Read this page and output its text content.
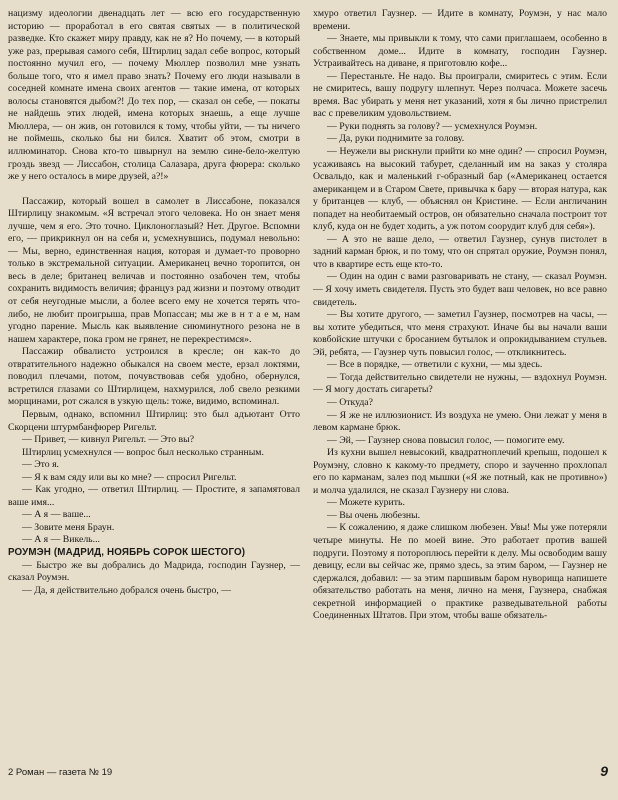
нацизму идеологии двенадцать лет — всю его государственную историю — проработал в его святая святых — в политической разведке. Кто скажет миру правду, как не я? Но почему, — в который уже раз, прерывая самого себя, Штирлиц задал себе вопрос, который постоянно мучил его, — почему Мюллер позволил мне узнать больше того, что я имел право знать? Почему его люди называли в соседней комнате имена своих агентов — такие имена, от которых волосы становятся дыбом?! До тех пор, — сказал он себе, — покаты не найдешь этих людей, имена которых знаешь, а еще лучше Мюллера, — он жив, он готовился к тому, чтобы уйти, — ты ничего не поймешь, сколько бы ни бился. Хватит об этом, смотри в иллюминатор. Снова кто-то швырнул на землю сине-бело-желтую гроздь звезд — Лиссабон, столица Салазара, друга фюрера: сколько же у него осталось в мире друзей, а?!»

Пассажир, который вошел в самолет в Лиссабоне, показался Штирлицу знакомым. «Я встречал этого человека. Но он знает меня лучше, чем я его. Это точно. Циклоноглазый? Нет. Другое. Вспомни его, — прикрикнул он на себя и, усмехнувшись, подумал невольно: — Мы, верно, единственная нация, которая и думает-то проворно только в экстремальной ситуации. Американец вечно торопится, он весь в деле; британец величав и постоянно озабочен тем, чтобы сохранить видимость величия; француз рад жизни и поэтому отводит от себя неугодные мысли, а более всего ему не хочется терять что-либо, не любит проигрыша, прав Мопассан; мы же в н т а е м, нам угодно парение. Мысль как выявление сиюминутного резона не в нашем характере, пока гром не грянет, не перекрестимся».

Пассажир обвалисто устроился в кресле; он как-то до отвратительного надежно обыкался на своем месте, ерзал локтями, поводил плечами, потом, почувствовав себя удобно, обернулся, встретился глазами со Штирлицем, нахмурился, лоб свело резкими морщинами, рот сжался в узкую щель: тоже, видимо, вспоминал.

Первым, однако, вспомнил Штирлиц: это был адъютант Отто Скорцени штурмбанфюрер Ригельт.

— Привет, — кивнул Ригельт. — Это вы?

Штирлиц усмехнулся — вопрос был несколько странным.

— Это я.

— Я к вам сяду или вы ко мне? — спросил Ригельт.

— Как угодно, — ответил Штирлиц. — Простите, я запамятовал ваше имя...

— А я — ваше...

— Зовите меня Браун.

— А я — Викель...

РОУМЭН (МАДРИД, НОЯБРЬ СОРОК ШЕСТОГО)

— Быстро же вы добрались до Мадрида, господин Гаузнер, — сказал Роумэн.

— Да, я действительно добрался очень быстро, —

хмуро ответил Гаузнер. — Идите в комнату, Роумэн, у нас мало времени.

— Знаете, мы привыкли к тому, что сами приглашаем, особенно в собственном доме... Идите в комнату, господин Гаузнер. Устраивайтесь на диване, я приготовлю кофе...

— Перестаньте. Не надо. Вы проиграли, смиритесь с этим. Если не смиритесь, вашу подругу шлепнут. Через полчаса. Можете засечь время. Вас убирать у меня нет указаний, хотя я бы лично пристрелил вас с превеликим удовольствием.

— Руки поднять за голову? — усмехнулся Роумэн.

— Да, руки поднимите за голову.

— Неужели вы рискнули прийти ко мне один? — спросил Роумэн, усаживаясь на высокий табурет, сделанный им на заказ у столяра Освальдо, как и маленький г-образный бар («Американец остается американцем и в Старом Свете, привычка к бару — вторая натура, как у британцев — клуб, — объяснял он Кристине. — Если англичанин попадет на необитаемый остров, он обязательно сначала построит тот клуб, куда он не будет ходить, а уж потом соорудит клуб для себя»).

— А это не ваше дело, — ответил Гаузнер, сунув пистолет в задний карман брюк, и по тому, что он спрятал оружие, Роумэн понял, что в квартире есть еще кто-то.

— Один на один с вами разговаривать не стану, — сказал Роумэн. — Я хочу иметь свидетеля. Пусть это будет ваш человек, но все равно свидетель.

— Вы хотите другого, — заметил Гаузнер, посмотрев на часы, — вы хотите убедиться, что меня страхуют. Иначе бы вы начали ваши ковбойские штучки с бросанием бутылок и опрокидыванием стульев. Эй, ребята, — Гаузнер чуть повысил голос, — откликнитесь.

— Все в порядке, — ответили с кухни, — мы здесь.

— Тогда действительно свидетели не нужны, — вздохнул Роумэн. — Я могу достать сигареты?

— Откуда?

— Я же не иллюзионист. Из воздуха не умею. Они лежат у меня в левом кармане брюк.

— Эй, — Гаузнер снова повысил голос, — помогите ему.

Из кухни вышел невысокий, квадратноплечий крепыш, подошел к Роумэну, словно к какому-то предмету, споро и заученно прохлопал его по карманам, залез под мышки («Я же потный, как не противно») и молча удалился, не сказал Гаузнеру ни слова.

— Можете курить.

— Вы очень любезны.

— К сожалению, я даже слишком любезен. Увы! Мы уже потеряли четыре минуты. Не по моей вине. Это работает против вашей подруги. Поэтому я потороплюсь перейти к делу. Мы освободим вашу девицу, если вы сейчас же, прямо здесь, за этим баром, — Гаузнер не сдержался, добавил: — за этим паршивым баром нуворища напишете обязательство работать на меня, лично на меня, Гаузнера, снабжая секретной информацией о практике разведывательной работы Соединенных Штатов. При этом, чтобы ваше обязатель-

2 Роман — газета № 19	9
